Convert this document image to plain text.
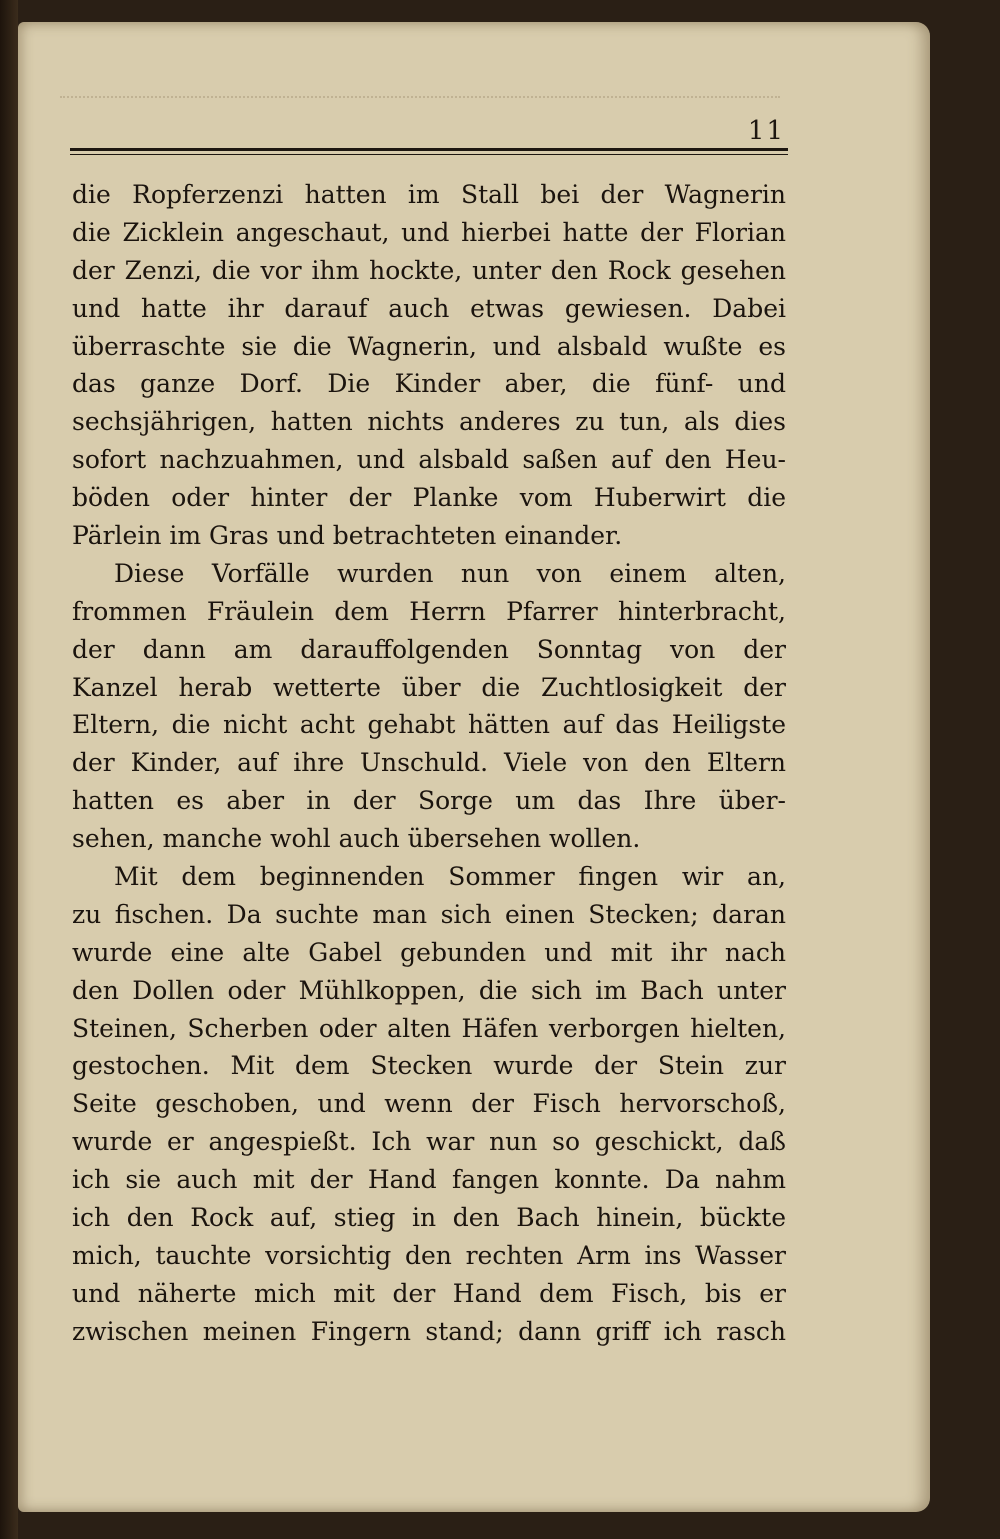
11
die Ropferzenzi hatten im Stall bei der Wagnerin
die Zicklein angeschaut, und hierbei hatte der Florian
der Zenzi, die vor ihm hockte, unter den Rock gesehen
und hatte ihr darauf auch etwas gewiesen. Dabei
überraschte sie die Wagnerin, und alsbald wußte es
das ganze Dorf. Die Kinder aber, die fünf- und
sechsjährigen, hatten nichts anderes zu tun, als dies
sofort nachzuahmen, und alsbald saßen auf den Heu-
böden oder hinter der Planke vom Huberwirt die
Pärlein im Gras und betrachteten einander.
Diese Vorfälle wurden nun von einem alten,
frommen Fräulein dem Herrn Pfarrer hinterbracht,
der dann am darauffolgenden Sonntag von der
Kanzel herab wetterte über die Zuchtlosigkeit der
Eltern, die nicht acht gehabt hätten auf das Heiligste
der Kinder, auf ihre Unschuld. Viele von den Eltern
hatten es aber in der Sorge um das Ihre über-
sehen, manche wohl auch übersehen wollen.
Mit dem beginnenden Sommer fingen wir an,
zu fischen. Da suchte man sich einen Stecken; daran
wurde eine alte Gabel gebunden und mit ihr nach
den Dollen oder Mühlkoppen, die sich im Bach unter
Steinen, Scherben oder alten Häfen verborgen hielten,
gestochen. Mit dem Stecken wurde der Stein zur
Seite geschoben, und wenn der Fisch hervorschoß,
wurde er angespießt. Ich war nun so geschickt, daß
ich sie auch mit der Hand fangen konnte. Da nahm
ich den Rock auf, stieg in den Bach hinein, bückte
mich, tauchte vorsichtig den rechten Arm ins Wasser
und näherte mich mit der Hand dem Fisch, bis er
zwischen meinen Fingern stand; dann griff ich rasch
